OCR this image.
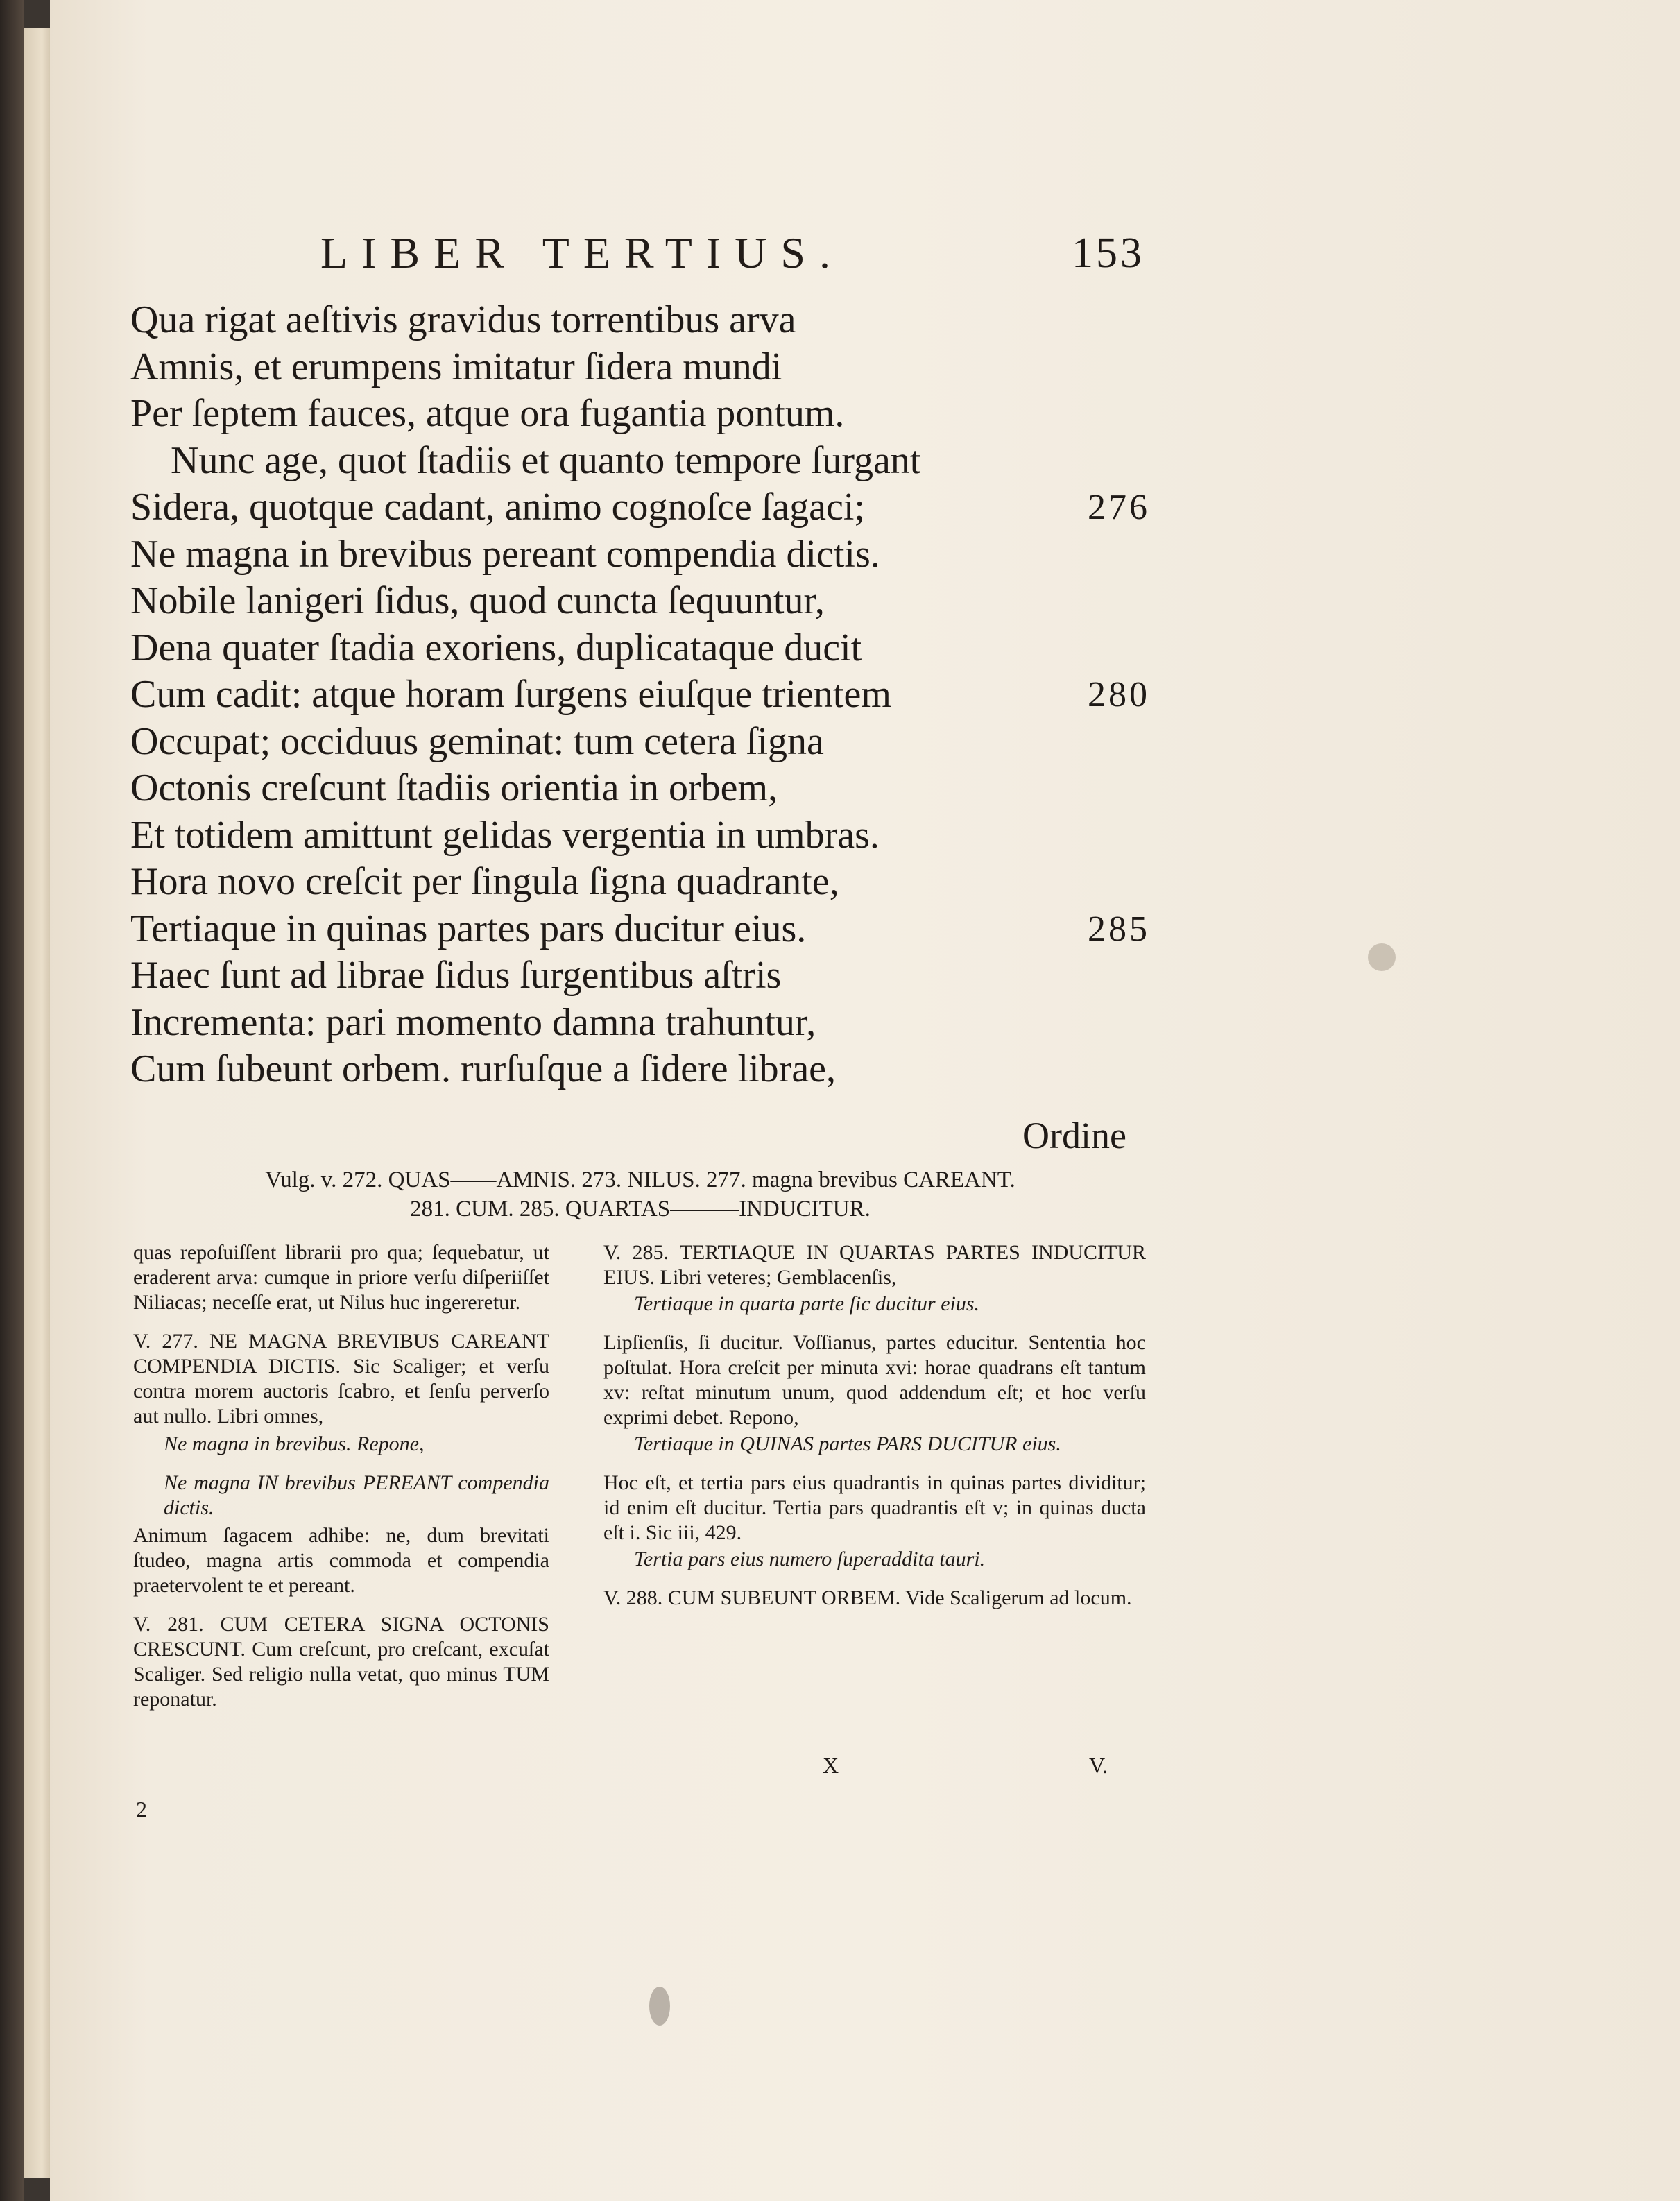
LIBER TERTIUS.	153
Qua rigat aeſtivis gravidus torrentibus arva
Amnis, et erumpens imitatur ſidera mundi
Per ſeptem fauces, atque ora fugantia pontum.
Nunc age, quot ſtadiis et quanto tempore ſurgant
Sidera, quotque cadant, animo cognoſce ſagaci;	276
Ne magna in brevibus pereant compendia dictis.
Nobile lanigeri ſidus, quod cuncta ſequuntur,
Dena quater ſtadia exoriens, duplicataque ducit
Cum cadit: atque horam ſurgens eiuſque trientem	280
Occupat; occiduus geminat: tum cetera ſigna
Octonis creſcunt ſtadiis orientia in orbem,
Et totidem amittunt gelidas vergentia in umbras.
Hora novo creſcit per ſingula ſigna quadrante,
Tertiaque in quinas partes pars ducitur eius.	285
Haec ſunt ad librae ſidus ſurgentibus aſtris
Incrementa: pari momento damna trahuntur,
Cum ſubeunt orbem. rurſuſque a ſidere librae,
Ordine
Vulg. v. 272. QUAS——AMNIS. 273. NILUS. 277. magna brevibus CAREANT.
281. CUM. 285. QUARTAS———INDUCITUR.

quas repoſuiſſent librarii pro qua; ſequebatur, ut eraderent arva: cumque in priore verſu diſperiiſſet Niliacas; neceſſe erat, ut Nilus huc ingereretur.

V. 277. NE MAGNA BREVIBUS CAREANT COMPENDIA DICTIS. Sic Scaliger; et verſu contra morem auctoris ſcabro, et ſenſu perverſo aut nullo. Libri omnes,

Ne magna in brevibus. Repone,

Ne magna IN brevibus PEREANT compendia dictis.

Animum ſagacem adhibe: ne, dum brevitati ſtudeo, magna artis commoda et compendia praetervolent te et pereant.

V. 281. CUM CETERA SIGNA OCTONIS CRESCUNT. Cum creſcunt, pro creſcant, excuſat Scaliger. Sed religio nulla vetat, quo minus TUM reponatur.

V. 285. TERTIAQUE IN QUARTAS PARTES INDUCITUR EIUS. Libri veteres; Gemblacenſis,

Tertiaque in quarta parte ſic ducitur eius.

Lipſienſis, ſi ducitur. Voſſianus, partes educitur. Sententia hoc poſtulat. Hora creſcit per minuta xvi: horae quadrans eſt tantum xv: reſtat minutum unum, quod addendum eſt; et hoc verſu exprimi debet. Repono,

Tertiaque in QUINAS partes PARS DUCITUR eius.

Hoc eſt, et tertia pars eius quadrantis in quinas partes dividitur; id enim eſt ducitur. Tertia pars quadrantis eſt v; in quinas ducta eſt i. Sic iii, 429.

Tertia pars eius numero ſuperaddita tauri.

V. 288. CUM SUBEUNT ORBEM. Vide Scaligerum ad locum.

X	V.
2
